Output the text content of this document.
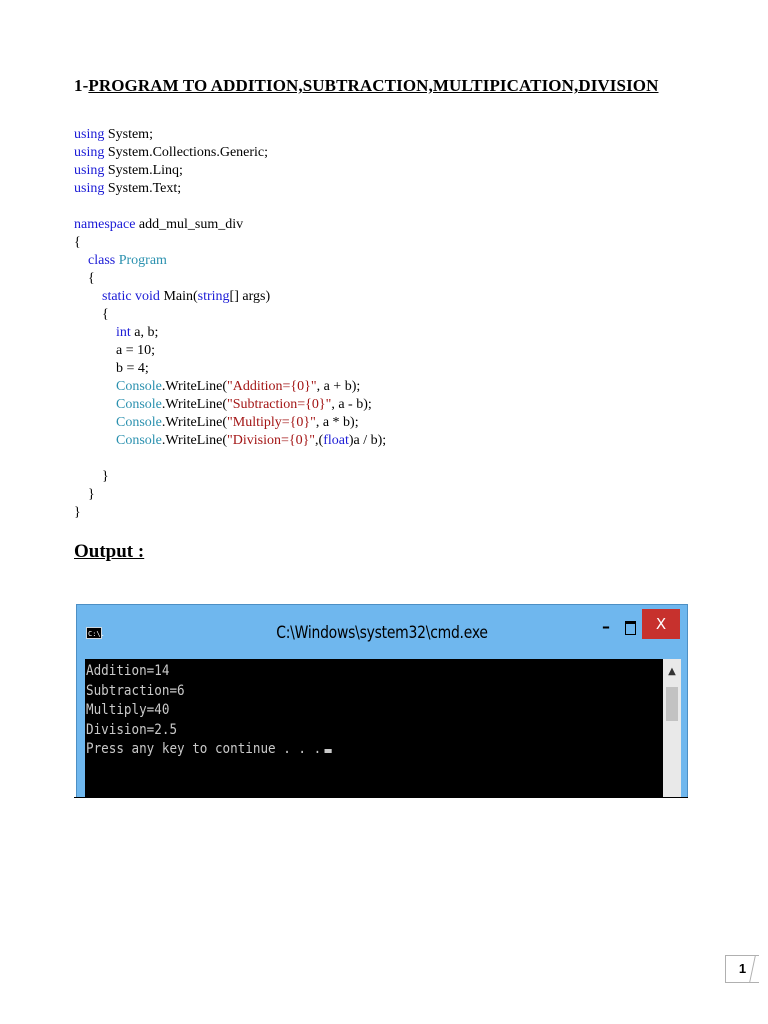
1-PROGRAM TO ADDITION,SUBTRACTION,MULTIPICATION,DIVISION
using System;
using System.Collections.Generic;
using System.Linq;
using System.Text;
namespace add_mul_sum_div
{
class Program
{
static void Main(string[] args)
{
int a, b;
a = 10;
b = 4;
Console.WriteLine("Addition={0}", a + b);
Console.WriteLine("Subtraction={0}", a - b);
Console.WriteLine("Multiply={0}", a * b);
Console.WriteLine("Division={0}",(float)a / b);
}
}
}
Output :
C:\.	C:\Windows\system32\cmd.exe	–	X
Addition=14
Subtraction=6
Multiply=40
Division=2.5
Press any key to continue . . .
▲
1
